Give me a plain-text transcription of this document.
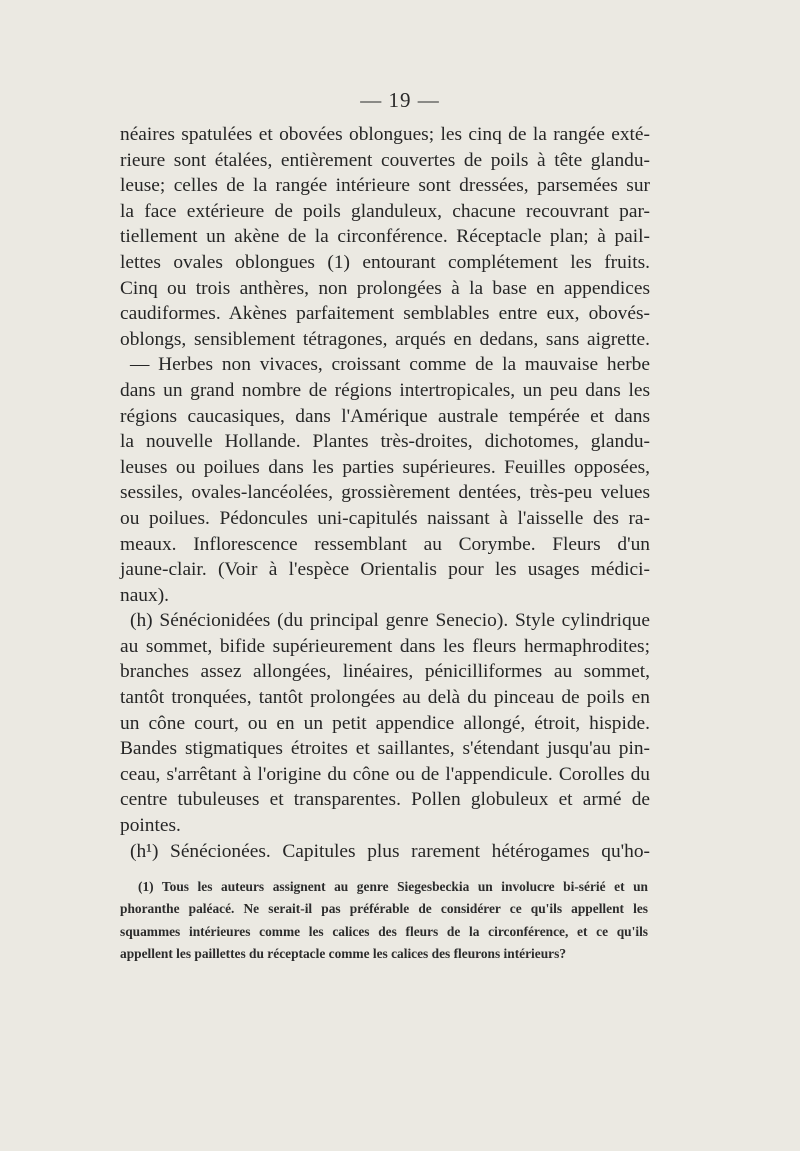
— 19 —
néaires spatulées et obovées oblongues; les cinq de la rangée exté-
rieure sont étalées, entièrement couvertes de poils à tête glandu-
leuse; celles de la rangée intérieure sont dressées, parsemées sur
la face extérieure de poils glanduleux, chacune recouvrant par-
tiellement un akène de la circonférence. Réceptacle plan; à pail-
lettes ovales oblongues (1) entourant complétement les fruits.
Cinq ou trois anthères, non prolongées à la base en appendices
caudiformes. Akènes parfaitement semblables entre eux, obovés-
oblongs, sensiblement tétragones, arqués en dedans, sans aigrette.
— Herbes non vivaces, croissant comme de la mauvaise herbe
dans un grand nombre de régions intertropicales, un peu dans les
régions caucasiques, dans l'Amérique australe tempérée et dans
la nouvelle Hollande. Plantes très-droites, dichotomes, glandu-
leuses ou poilues dans les parties supérieures. Feuilles opposées,
sessiles, ovales-lancéolées, grossièrement dentées, très-peu velues
ou poilues. Pédoncules uni-capitulés naissant à l'aisselle des ra-
meaux. Inflorescence ressemblant au Corymbe. Fleurs d'un
jaune-clair. (Voir à l'espèce Orientalis pour les usages médici-
naux).
(h) Sénécionidées (du principal genre Senecio). Style cylindrique
au sommet, bifide supérieurement dans les fleurs hermaphrodites;
branches assez allongées, linéaires, pénicilliformes au sommet,
tantôt tronquées, tantôt prolongées au delà du pinceau de poils en
un cône court, ou en un petit appendice allongé, étroit, hispide.
Bandes stigmatiques étroites et saillantes, s'étendant jusqu'au pin-
ceau, s'arrêtant à l'origine du cône ou de l'appendicule. Corolles du
centre tubuleuses et transparentes. Pollen globuleux et armé de
pointes.
(h¹) Sénécionées. Capitules plus rarement hétérogames qu'ho-
(1) Tous les auteurs assignent au genre Siegesbeckia un involucre bi-sérié et un
phoranthe paléacé. Ne serait-il pas préférable de considérer ce qu'ils appellent les
squammes intérieures comme les calices des fleurs de la circonférence, et ce qu'ils
appellent les paillettes du réceptacle comme les calices des fleurons intérieurs?
